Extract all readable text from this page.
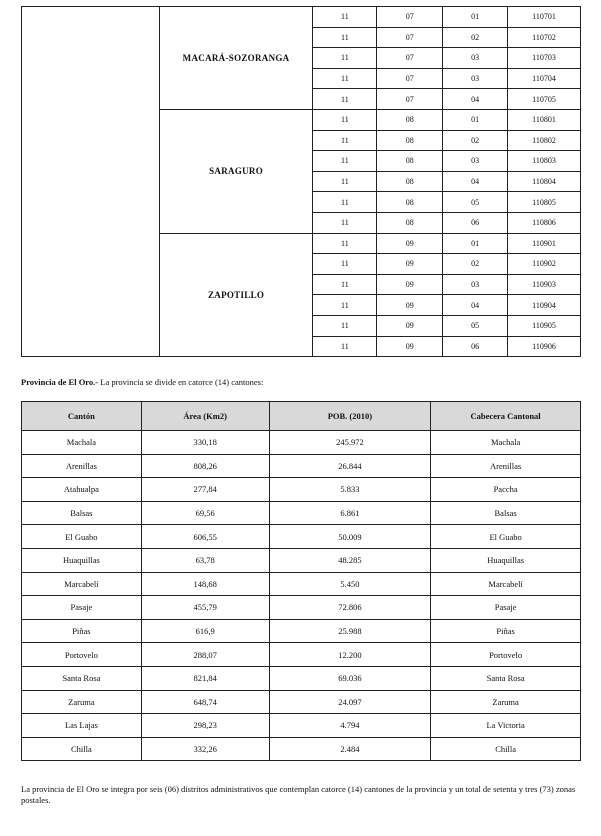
	MACARÁ-SOZORANGA	11	07	01	110701
		11	07	02	110702
		11	07	03	110703
		11	07	03	110704
		11	07	04	110705
	SARAGURO	11	08	01	110801
		11	08	02	110802
		11	08	03	110803
		11	08	04	110804
		11	08	05	110805
		11	08	06	110806
	ZAPOTILLO	11	09	01	110901
		11	09	02	110902
		11	09	03	110903
		11	09	04	110904
		11	09	05	110905
		11	09	06	110906
Provincia de El Oro.- La provincia se divide en catorce (14) cantones:
Cantón	Área (Km2)	POB. (2010)	Cabecera Cantonal
Machala	330,18	245.972	Machala
Arenillas	808,26	26.844	Arenillas
Atahualpa	277,84	5.833	Paccha
Balsas	69,56	6.861	Balsas
El Guabo	606,55	50.009	El Guabo
Huaquillas	63,78	48.285	Huaquillas
Marcabelí	148,68	5.450	Marcabelí
Pasaje	455,79	72.806	Pasaje
Piñas	616,9	25.988	Piñas
Portovelo	288,07	12.200	Portovelo
Santa Rosa	821,84	69.036	Santa Rosa
Zaruma	648,74	24.097	Zaruma
Las Lajas	298,23	4.794	La Victoria
Chilla	332,26	2.484	Chilla
La provincia de El Oro se integra por seis (06) distritos administrativos que contemplan catorce (14) cantones de la provincia y un total de setenta y tres (73) zonas postales.
